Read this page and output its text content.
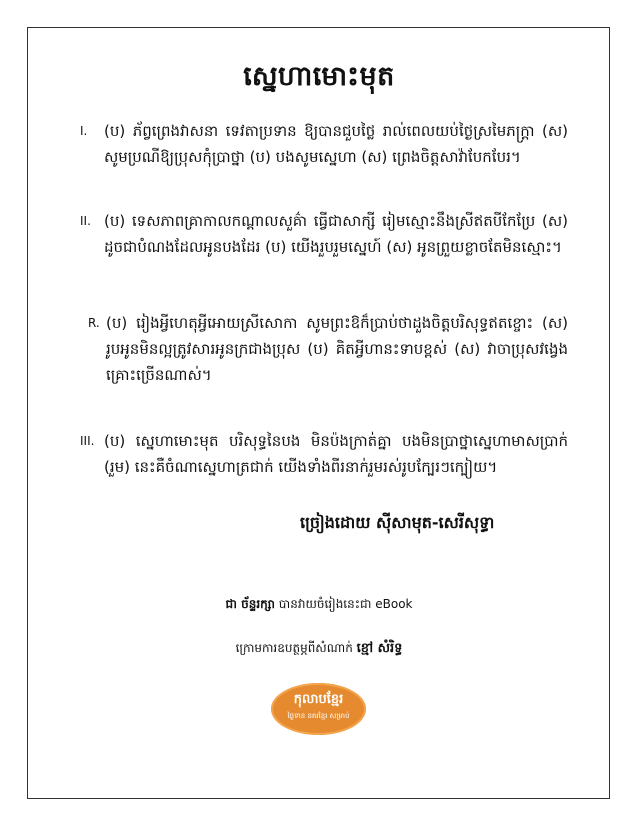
ស្នេហាមោះមុត
I. (ប) ភ័ព្វព្រេងវាសនា ទេវតាប្រទាន ឱ្យបានជួបថ្លៃ រាល់ពេលយប់ថ្ងៃស្រមៃភក្ត្រា (ស) សូមប្រណីឱ្យប្រុសកុំប្រាថ្នា (ប) បងសូមស្នេហា (ស) ព្រេងចិត្តសាវ៉ាបែកបែរ។
II. (ប) ទេសភាពគ្រាកាលកណ្តាលសួគ៌ា ធ្វើជាសាក្សី រៀមស្មោះនឹងស្រីឥតបីកែប្រែ (ស) ដូចជាបំណងដែលអូនបងដែរ (ប) យើងរួបរួមស្នេហ៍ (ស) អូនព្រួយខ្លាចតែមិនស្មោះ។
R. (ប) រៀងអ្វីហេតុអ្វីអោយស្រីសោកា សូមព្រះឱក៏ប្រាប់ថាដួងចិត្តបរិសុទ្ធឥតខ្ចោះ (ស) រូបអូនមិនល្អត្រូវសារអូនក្រជាងប្រុស (ប) គិតអ្វីហានះទាបខ្ពស់ (ស) វាចាប្រុសវង្វេងគ្រោះច្រើនណាស់។
III. (ប) ស្នេហាមោះមុត បរិសុទ្ធនៃបង មិនប៉ងក្រាត់គ្នា បងមិនប្រាថ្នាស្នេហាមាសប្រាក់ (រួម) នេះគឺចំណាស្នេហាត្រជាក់ យើងទាំងពីរនាក់រួមរស់រូបក្បែរៗក្បៀយ។
ច្រៀងដោយ ស៊ីសាមុត-សេរីសុទ្ធា
ជា ច័ន្ទរក្សា បានវាយចំរៀងនេះជា eBook
ក្រោមការឧបត្ថម្ភពីសំណាក់ ខ្មៅ សំរិទ្ធ
កុលាបខ្មែរ
ថ្ងៃទាន នគរខ្មែរ សម្រាប់
